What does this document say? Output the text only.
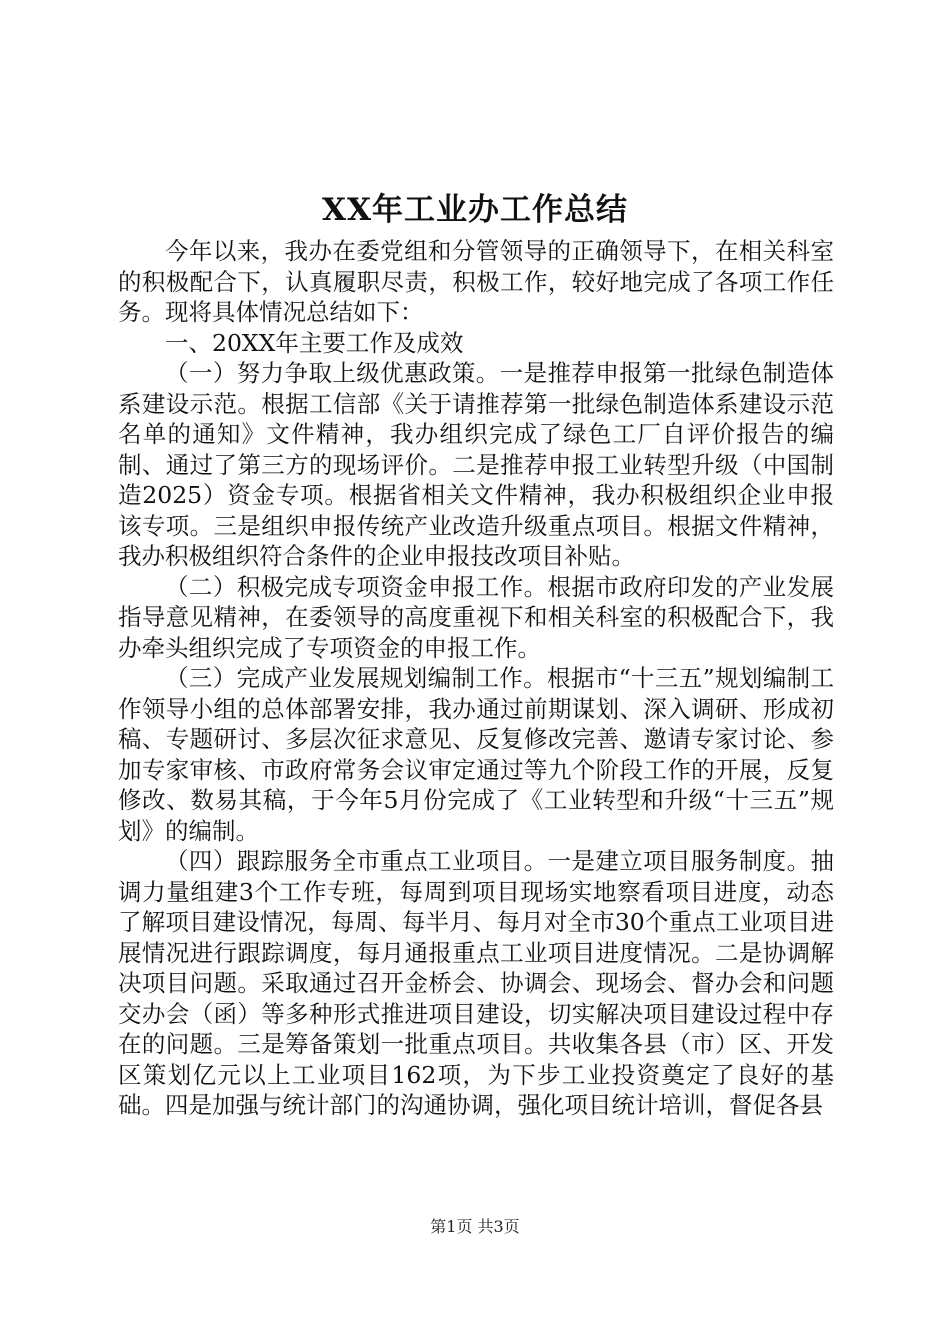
XX年工业办工作总结

今年以来，我办在委党组和分管领导的正确领导下，在相关科室的积极配合下，认真履职尽责，积极工作，较好地完成了各项工作任务。现将具体情况总结如下：

一、20XX年主要工作及成效

（一）努力争取上级优惠政策。一是推荐申报第一批绿色制造体系建设示范。根据工信部《关于请推荐第一批绿色制造体系建设示范名单的通知》文件精神，我办组织完成了绿色工厂自评价报告的编制、通过了第三方的现场评价。二是推荐申报工业转型升级（中国制造2025）资金专项。根据省相关文件精神，我办积极组织企业申报该专项。三是组织申报传统产业改造升级重点项目。根据文件精神，我办积极组织符合条件的企业申报技改项目补贴。

（二）积极完成专项资金申报工作。根据市政府印发的产业发展指导意见精神，在委领导的高度重视下和相关科室的积极配合下，我办牵头组织完成了专项资金的申报工作。

（三）完成产业发展规划编制工作。根据市“十三五”规划编制工作领导小组的总体部署安排，我办通过前期谋划、深入调研、形成初稿、专题研讨、多层次征求意见、反复修改完善、邀请专家讨论、参加专家审核、市政府常务会议审定通过等九个阶段工作的开展，反复修改、数易其稿，于今年5月份完成了《工业转型和升级“十三五”规划》的编制。

（四）跟踪服务全市重点工业项目。一是建立项目服务制度。抽调力量组建3个工作专班，每周到项目现场实地察看项目进度，动态了解项目建设情况，每周、每半月、每月对全市30个重点工业项目进展情况进行跟踪调度，每月通报重点工业项目进度情况。二是协调解决项目问题。采取通过召开金桥会、协调会、现场会、督办会和问题交办会（函）等多种形式推进项目建设，切实解决项目建设过程中存在的问题。三是筹备策划一批重点项目。共收集各县（市）区、开发区策划亿元以上工业项目162项，为下步工业投资奠定了良好的基础。四是加强与统计部门的沟通协调，强化项目统计培训，督促各县

第1页 共3页
